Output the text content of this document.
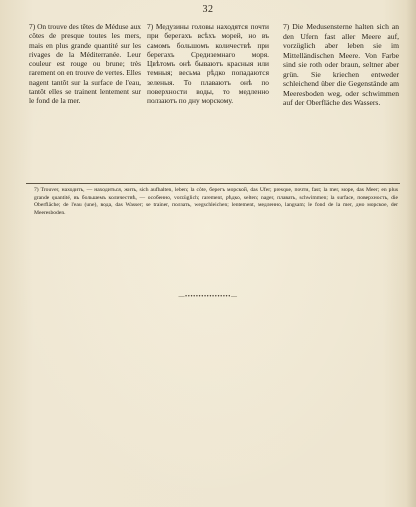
32

7) On trouve des têtes de Méduse aux côtes de presque toutes les mers, mais en plus grande quantité sur les rivages de la Méditerranée. Leur couleur est rouge ou brune; très rarement on en trouve de vertes. Elles nagent tantôt sur la surface de l'eau, tantôt elles se trainent lentement sur le fond de la mer.

7) Медузины головы находятся почти при берегахъ всѣхъ морей, но въ самомъ большомъ количествѣ при берегахъ Средиземнаго моря. Цвѣтомъ онѣ бываютъ красныя или темныя; весьма рѣдко попадаются зеленыя. То плаваютъ онѣ по поверхности воды, то медленно ползаютъ по дну морскому.

7) Die Medusensterne halten sich an den Ufern fast aller Meere auf, vorzüglich aber leben sie im Mittelländischen Meere. Von Farbe sind sie roth oder braun, seltner aber grün. Sie kriechen entweder schleichend über die Gegenstände am Meeresboden weg, oder schwimmen auf der Oberfläche des Wassers.

7) Trouver, находить, — находиться, жить, sich aufhalten, leben; la côte, берегъ морской, das Ufer; presque, почти, fast; la mer, море, das Meer; en plus grande quantité, въ большемъ количествѣ, — особенно, vorzüglich; rarement, рѣдко, selten; nager, плавать, schwimmen; la surface, поверхность, die Oberfläche; de l'eau (une), вода, das Wasser; se trainer, ползать, wegschleichen; lentement, медленно, langsam; le fond de la mer, дно морское, der Meeresboden.

—•••••••••••••••••—
